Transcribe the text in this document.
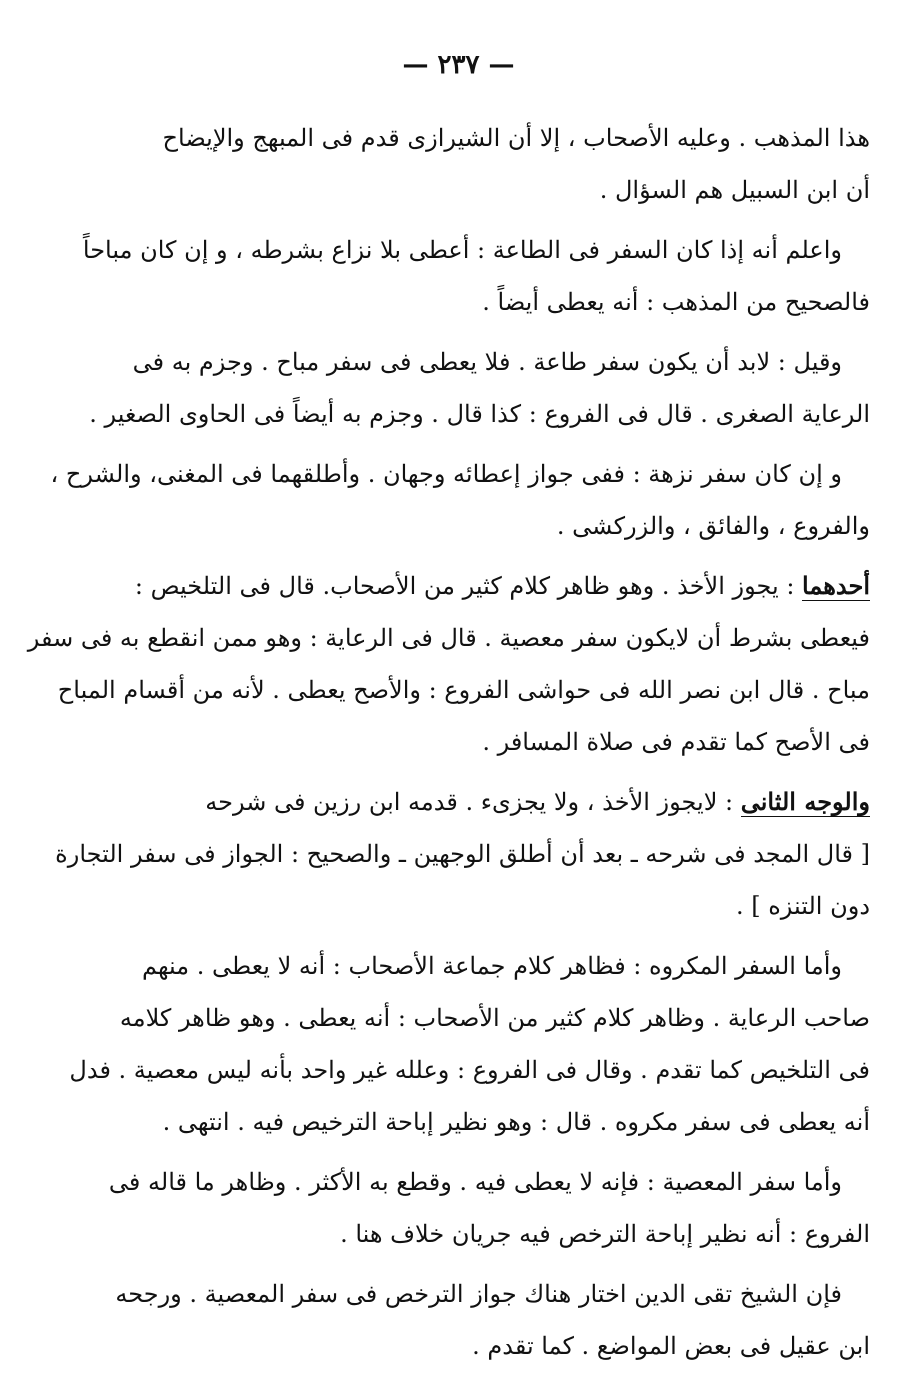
— ٢٣٧ —
هذا المذهب . وعليه الأصحاب ، إلا أن الشيرازى قدم فى المبهج والإيضاح
أن ابن السبيل هم السؤال .
واعلم أنه إذا كان السفر فى الطاعة : أعطى بلا نزاع بشرطه ، و إن كان مباحاً
فالصحيح من المذهب : أنه يعطى أيضاً .
وقيل : لابد أن يكون سفر طاعة . فلا يعطى فى سفر مباح . وجزم به فى
الرعاية الصغرى . قال فى الفروع : كذا قال . وجزم به أيضاً فى الحاوى الصغير .
و إن كان سفر نزهة : ففى جواز إعطائه وجهان . وأطلقهما فى المغنى، والشرح ،
والفروع ، والفائق ، والزركشى .
أحدهما : يجوز الأخذ . وهو ظاهر كلام كثير من الأصحاب. قال فى التلخيص :
فيعطى بشرط أن لايكون سفر معصية . قال فى الرعاية : وهو ممن انقطع به فى سفر
مباح . قال ابن نصر الله فى حواشى الفروع : والأصح يعطى . لأنه من أقسام المباح
فى الأصح كما تقدم فى صلاة المسافر .
والوجه الثانى : لايجوز الأخذ ، ولا يجزىء . قدمه ابن رزين فى شرحه
[ قال المجد فى شرحه ـ بعد أن أطلق الوجهين ـ والصحيح : الجواز فى سفر التجارة
دون التنزه ] .
وأما السفر المكروه : فظاهر كلام جماعة الأصحاب : أنه لا يعطى . منهم
صاحب الرعاية . وظاهر كلام كثير من الأصحاب : أنه يعطى . وهو ظاهر كلامه
فى التلخيص كما تقدم . وقال فى الفروع : وعلله غير واحد بأنه ليس معصية . فدل
أنه يعطى فى سفر مكروه . قال : وهو نظير إباحة الترخيص فيه . انتهى .
وأما سفر المعصية : فإنه لا يعطى فيه . وقطع به الأكثر . وظاهر ما قاله فى
الفروع : أنه نظير إباحة الترخص فيه جريان خلاف هنا .
فإن الشيخ تقى الدين اختار هناك جواز الترخص فى سفر المعصية . ورجحه
ابن عقيل فى بعض المواضع . كما تقدم .
